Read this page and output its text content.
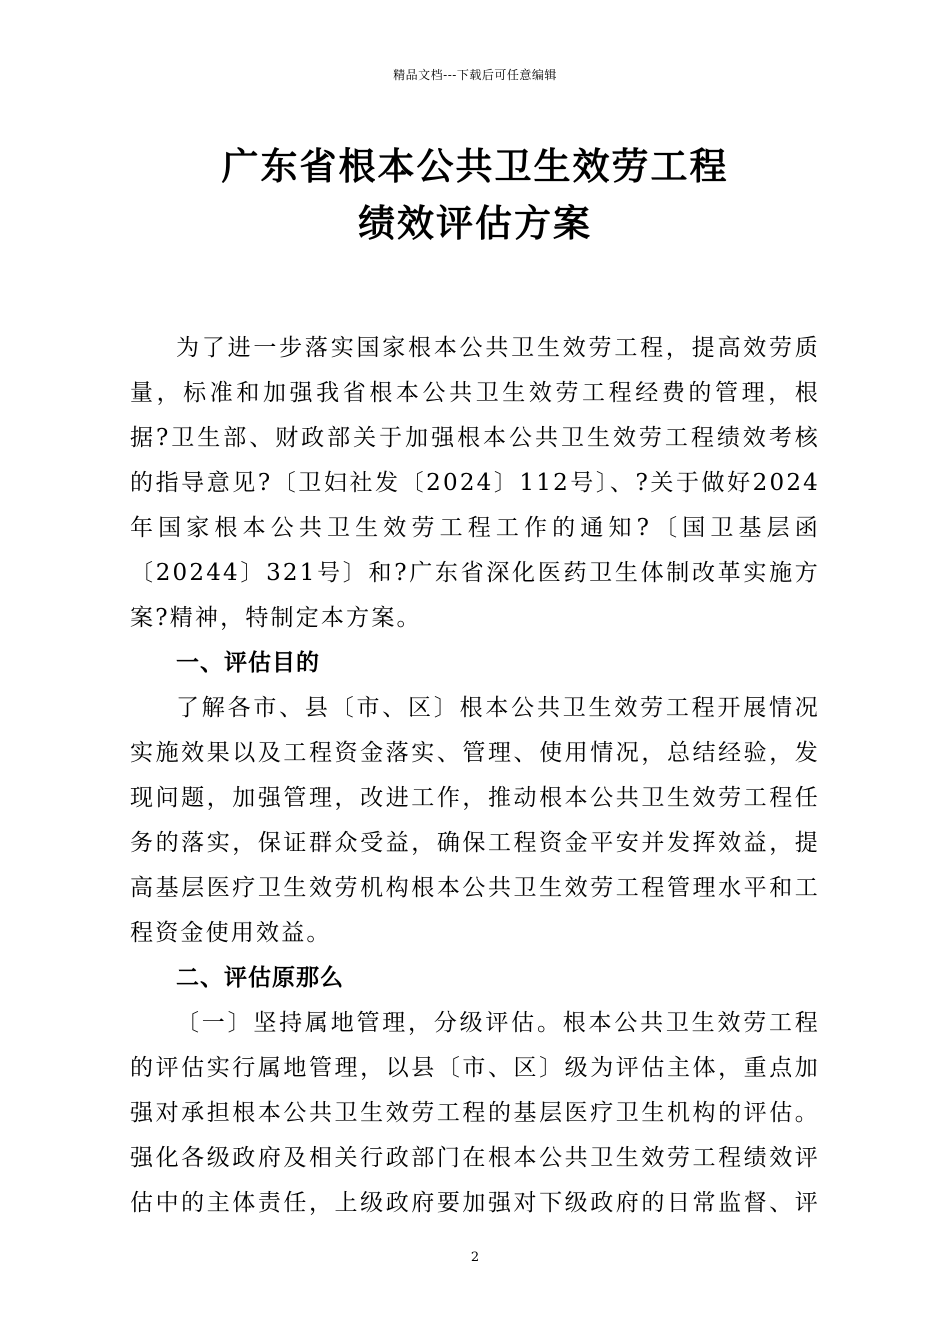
精品文档---下载后可任意编辑
广东省根本公共卫生效劳工程
绩效评估方案

为了进一步落实国家根本公共卫生效劳工程，提高效劳质量，标准和加强我省根本公共卫生效劳工程经费的管理，根据?卫生部、财政部关于加强根本公共卫生效劳工程绩效考核的指导意见?〔卫妇社发〔2024〕112号〕、?关于做好2024年国家根本公共卫生效劳工程工作的通知?〔国卫基层函〔20244〕321号〕和?广东省深化医药卫生体制改革实施方案?精神，特制定本方案。

一、评估目的

了解各市、县〔市、区〕根本公共卫生效劳工程开展情况实施效果以及工程资金落实、管理、使用情况，总结经验，发现问题，加强管理，改进工作，推动根本公共卫生效劳工程任务的落实，保证群众受益，确保工程资金平安并发挥效益，提高基层医疗卫生效劳机构根本公共卫生效劳工程管理水平和工程资金使用效益。

二、评估原那么

〔一〕坚持属地管理，分级评估。根本公共卫生效劳工程的评估实行属地管理，以县〔市、区〕级为评估主体，重点加强对承担根本公共卫生效劳工程的基层医疗卫生机构的评估。强化各级政府及相关行政部门在根本公共卫生效劳工程绩效评估中的主体责任，上级政府要加强对下级政府的日常监督、评

2
